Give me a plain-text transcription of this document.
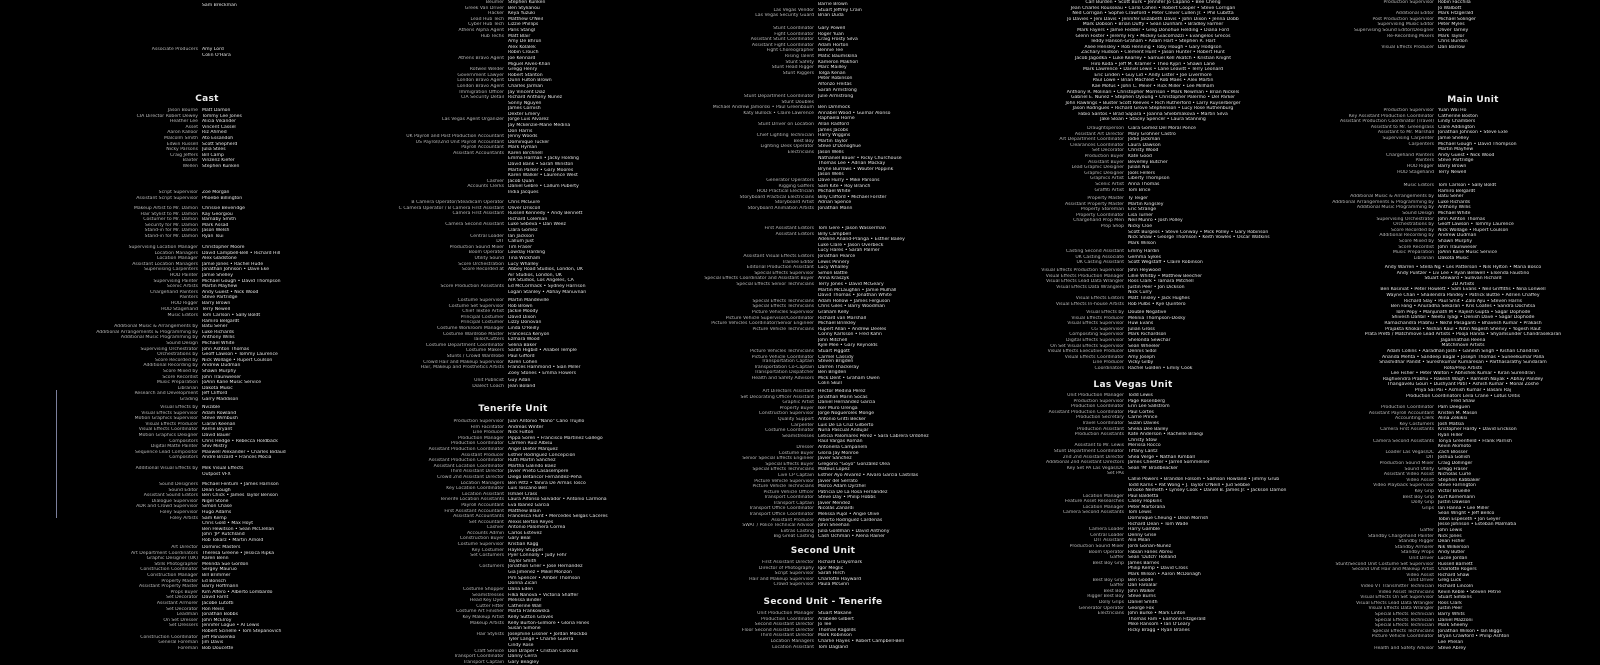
Sam Breckman
Associate Producers Amy Lord
Colin O'Hara
Cast
Jason Bourne Matt Damon
CIA Director Robert Dewey Tommy Lee Jones
Heather Lee Alicia Vikander
Asset Vincent Cassel
Aaron Kalloor Riz Ahmed
Malcolm Smith Ato Essandoh
Edwin Russell Scott Shepherd
Nicky Parsons Julia Stiles
Craig Jeffers Bill Camp
Baxter Vinzenz Kiefer
Wellen Stephen Kunken
Script Supervisor Zoe Morgan
Assistant Script Supervisor Phoebe Billington
Makeup Artist to Mr. Damon Chrissie Beveridge
Hair Stylist to Mr. Damon Kay Georgiou
Costumer to Mr. Damon Barnaby Smith
Security for Mr. Damon Mark Assad
Stand-in for Mr. Damon Jason Welsh
Stand-in for Mr. Damon Ryan Tsui
Supervising Location Manager Christopher Moore
Location Managers David Campbell-Bell • Richard Hill
Location Manager Alex Gladstone
Assistant Location Managers Jamie Jones • Rachel Hude
Supervising Carpenters Jonathan Johnson • Dave Eke
HOD Painter Jamie Shelley
Supervising Painter Michael Gough • David Thompson
Scenic Artists Martin Mayhew
Chargehand Painters Andy Guest • Nick Wood
Painters Steve Partridge
HOD Rigger Barry Brown
HOD Stagehand Terry Newell
Music Editors Tom Carlson • Sally Boldt
Ramiro Belgardt
Additional Music & Arrangements by Batu Sener
Additional Arrangements & Programming by Luke Richards
Additional Music Programming by Anthony Willis
Sound Design Michael White
Supervising Orchestrator John Ashton Thomas
Orchestrations by Geoff Lawson • Tommy Laurence
Score Recorded by Nick Wollage • Rupert Coulson
Additional Recording by Andrew Dudman
Score Mixed by Shawn Murphy
Score Recordist John Traunwieser
Music Preparation JoAnn Kane Music Service
Librarian Dakota Music
Research and Development Jeff Clifford
Grading Garry Maddison
Visual Effects by Nvizible
Visual Effects Supervisor Adam Rowland
Motion Graphics Supervisor Steve Wimbush
Visual Effects Producer Ciaran Keenan
Visual Effects Coordinator Kerrie Bryant
Motion Graphics Designer David Bauer
Compositors Chris Hedge • Rebecca Holdback
Digital Matte Painter Shiv Mistry
Sequence Lead Compositor Maxwell Alexander • Charles Bidaud
Compositors Andre Brizard • Frances Mocia
Additional Visual Effects by Milk Visual Effects
Outpost VFX
Sound Designers Michael Fentum • James Harrison
Sound Editor Dean Gough
Assistant Sound Editors Ben Chick • James Taylor Benson
Dialogue Supervisor Nigel Stone
ADR and Crowd Supervisor Simon Chase
Foley Supervisor Hugo Adams
Foley Artists Sam Kemp
Chris Gold • Max Hoyt
Ben Hewitson • Sean McClellan
John 'JP' Rutchland
Rob Tokarz • Martin Arnold
Art Director Dominic Masters
Art Department Coordinators Theresa Greene • Jessica Ripka
Graphic Designer (UK) Karen Benn
Stills Photographer Melinda Sue Gordon
Construction Coordinator Sergey Mauruo
Construction Manager Bill Brimmer
Property Master Ed Bonsch
Assistant Property Master Barry Hoffmann
Props Buyer Kim Alfero • Alberto Lombardo
Set Decorator David Farnt
Assistant Armorer Jacobe Lutotti
Set Decorator Ron Reiss
Leadman Jonathan Bobbs
On Set Dresser John McElroy
Set Dressers Jennifer Logue • Al Lewis
Robert Scinelle • Tom Stepanovich
Construction Coordinator Jeff Panasenko
General Foreman Jim Davis
Foreman Bob Doucette
Beumer Stephen Kunken
Greek Van Driver Ben Stylianou
Hacker Keya Yuzuki
Lead Hub Tech Matthew O'Neil
Cyber Hub Tech Lizzie Phillips
Athens Alpha Agent Paris Stangl
Hub Techs Matt Blair
Amy De Bhrún
Alex Kolalek
Robin Crouch
Athens Bravo Agent Joe Kennard
Miguel Alves-Khan
Rotweil Welder Gregg Henry
Government Lawyer Robert Stanton
London Bravo Agent Dunn Fulton Brown
London Bravo Agent Charles Jarman
Immigration Officer Jay Vincent Diaz
CIA Security Detail Richard Anthony Nunez
Sonny Nguyen
James Cornish
Dexter Emery
Las Vegas Agent Organizer Jorge Luis Alvarez
Jay Mckenzie-Marie Medina
Don Harris
UK Payroll and Post Production Accountant Jenny Woods
US Payroll/2nd Unit Payroll Accountant Dominique Tucker
Payroll Accountant Mark Hyman
Assistant Accountants Karen Birchnell
Emma Harman • Jacky Holding
David Bank • Sarah Winston
Martin Parker • Gary Moores
Karen Walker • Laurence West
Cashier Jacob Quan
Accounts Clerks Daniel Gebre • Callum Puberty
India Jacques
B Camera Operator/Steadicam Operator Chris McGuire
C Camera Operator / B Camera First Assistant Oliver Driscoll
Camera First Assistant Russell Kennedy • Andy Bennett
Richard Coleman
Camera Second Assistant Luke Sebeva • Dan Weez
Clara Gomez
Central Loader Ian Jackson
DIT Callum Just
Production Sound Mixer Tim Fraser
Boom Operator Lowday Harding
Utility Sound Tina Wickham
Score Orchestration Lucy Whalley
Score Recorded at Abbey Road Studios, London, UK
Air Studios, London, UK
AIR Studios, Los Angeles, CA
Score Production Assistants Ed McCormack • Sydney Harrison
Logan Stanley • Abhay Manuvnari
Costume Supervisor Martin Mandeville
Costume Set Supervisor Rob Brown
Chief Textile Artist Jackie Moody
Principal Costumer David Dixon
Principal Costumer Lizzy Donovan
Costume Workroom Manager Linda O'Reilly
Costume Wardrobe Master Francesca Kenyon
Tailor/Cutters Ezmara Wood
Costume Department Coordinator Selina Baker
Costume Makers Sarah Higbid • Anabel Temple
Stunts / Crowd Wardrobe Paul Gifford
Crowd Hair and Makeup Supervisor Karen Cohen
Hair, Makeup and Prosthetics Artists Frances Hammond • Sian Miller
Zoey Stones • Emma Flowers
Unit Publicist Guy Adan
Dialect Coach Jean Boland
Tenerife Unit
Production Supervisor Juan Antonio "Nano" Cano Trujillo
Film Facilitator Andreas Winter
Line Producer Nick Fulton
Production Manager Pippa Soren • Francisco Martínez Gallego
Production Coordinator Carmen Ruiz Albisu
Assistant Production Coordinator Ángel Dieter Márquez
Assistant Producer Esther Rodríguez Concepción
Assistant Production Coordinator Ruth Martín Sánchez
Assistant Location Coordinator Martha Galindo Baez
Third Assistant Director Javier Prieto Casasempere
Crowd 2nd Assistant Director Diego Betancor Fernández-Peña
Location Managers Ben Pittz • Yanira De Armas Tosco
Key Location Coordinator Luis Toscano Bell
Location Assistant Ismael Crass
Tenerife Location Assistants Laura Alfonso Salvador • Antonio Carmona
Payroll Accountant Eva Ibanez Garcia
First Assistant Accountant Matthew Blain
Assistant Accountants Francesca Hunt • Mercedes Selgas Caceres
Set Accountant Alexis Bertoli Reyes
Cashier Antonio Palomera Correa
Accounts Admin Carlos Estévez
Construction Buyer Gary Beal
Costume Supervisor Kristian Kagg
Key Costumer Hayley Stuppel
Set Costumers Pyer Connolly • Judy Fehr
Taylor Smith
Costumers Jonathon Grier • Jose Hernandez
Gia Jimenez • Mikel Monzon
Pim Spencer • Amber Thomson
Donna Zicari
Costume Shopper Dana Eden
Seamstresses Filka Nanova • Victoria Shaffer
Head Key Dyer Melissa Binder
Cutter Fitter Catherine Wall
Costume Art Finisher Marta Frankowska
Key Makeup Artist Kelly Sutton Graves
Makeup Artists Kelly Burton-Gilmore • Gloria Hines
Susan Simone
Hair Stylists Josephine Lissner • Jordan Mockbo
Tyler Lange • Charlie Guerra
Cindy Rose
Craft Service Don Draper • Cristian Coronas
Transport Coordinator Danny Cerra
Transport Captain Gary Beagley
Barrie Brown
Las Vegas Vendor Stuart Jeffrey Crain
Las Vegas Security Guard Brian Duda
Stunt Coordinator Gary Powell
Fight Coordinator Roger Yuan
Assistant Stunt Coordinator Craig Frosty Silva
Assistant Fight Coordinator Adam Horton
Fight Choreographer Bennie Tee
Rising Talent Matic Baumskína
Stunt Safety Kameron Makhorí
Stunt Head Rigger Marc Mailley
Stunt Riggers Tolga Kenan
Peter Robinson
Alfonzo Freitas
Sarah Armstrong
Stunt Department Coordinator Julie Armstrong
Stunt Doubles
Michael Andrew Jamorski • Paul Greenbaum Ben Dimmock
Katy Bullock • Claire Lawrence Annabel Wood • Guimar Alonso
Raphaela Horne
Stunt Driver on Location Allan Radford
James Jacobs
Chief Lighting Technician Harry Wiggins
Best Boy Martin Taylor
Lighting Desk Operator Steve D'Donoghue
Electricians Jason Wells
Nathaniel Bauer • Ricky Churchouse
Thomas Lee • Adrian Mackay
Bryne Burrows • Wouter Poppink
Jason Wells
Generator Operators Dave Hurry • Mike Parsons
Rigging Gaffers Sam Kite • Roy Branch
HOD Practical Electrician Michael White
Storyboard Practical Electricians Billy Clifford • Michael Forster
Storyboard Artist Adrian Spence
Storyboard Animation Artists Jonathan Mann
First Assistant Editors Tom Gere • Jason Wasserman
Assistant Editors Billy Campbell
Adeline Anand-Pranga • Esther Bailey
Luke Clare • Jason Overbeck
Lucy Hares • Sarah Palmer
Assistant Visual Effects Editors Jonathan Pearce
Trainee Editor Lewis Pinnery
Editorial Production Assistant Lucy Whalley
Special Effects Supervisor Simon Battle
Special Effects Coordinator and Assistant Buyer Anna Kraszyk
Special Effects Senior Technicians Terry Jones • David McGeary
Martin McLaughlin • Jamie Mulhall
David Thomas • Jonathan White
Special Effects Technicians Adam Hollow • James Ferguson
Special Effects Technicians Chris Giles • Barry Woodman
Picture Vehicles Supervisor Graham Kelly
Picture Vehicle Supervisor/Coordinator Richard van Marshall
Picture Vehicles Coordinator/Senior Engineer Michael Brinkley
Picture Vehicle Technicians Rupert Allan • Andrew Deeles
Conny Karlsson • Fred Kahn
John Mitchell
Kyle Mee • Gary Reynolds
Picture Vehicles Technicians Stuart Piggott
Picture Vehicle Coordinator Carmel Cassidy
Transportation Captain Steven Brigden
Transportation Co-Captain Darren Thackeray
Transportation Dispatcher Ben Brigden
Health and Safety Advisors Mick Dent • Graham Owen
Colin Skull
Art Directors Assistant Héctor Medina Pérez
Set Decorating Officer Assistant Jonathan Marin Socas
Graphic Artist Daniel Hernández García
Property Buyer Iker Muro Urenga
Construction Supervisor Jorge Nogueroles Monge
Quality Support Antonio Gritti Becker
Carpenter Luis De La Cruz Gilberto
Costume Coordinator Nuria Pascual Andujar
Seamstresses Leticia Palomares Pérez • Sara Cabrera Ordóñez
Raúl Vargas Román
Dresser Antonella Campanelli
Costume Buyer Gloria Jay Monroe
Senior Special Effects Engineer Javier Sánchez
Special Effects Buyer Gregorio "Goyo" González Olea
Special Effects Technicians Mateus Lopez
Live CP Captain Esther Ayo Alvarez • Alvaro García Castillas
Picture Vehicle Supervisor Javier del Serrato
Picture Vehicle Technicians Marco Adam Dyrzhel
Picture Vehicle Officer Patricia De La Rosa Fernández
Transport Coordinator Steve Day • Philip Hobbs
Transport Captain Javier Mendez
Transport Office Coordinator Nicolás Zanardi
Transport Office Coordinator Melissa Pujol • Angie Olive
Assistant Producer Alberto Rodríguez Cardenas
SWAT / Police Technical Advisor John Sheehan
Extras Casting Julia Goldman • David Anthony
Big Great Casting Cash Ochman • Alena Rainer
Second Unit
First Assistant Director Richard Graysmark
Director of Photography Igor Meglic
Script Supervisor Sarah Hirch
Hair and Makeup Supervisor Charlotte Hayward
Crowd Supervisor Paula McGinn
Second Unit - Tenerife
Unit Production Manager Stuart Makane
Production Coordinator Arabelle Gilbert
Second Assistant Director Jo Tee
Floor Second Assistant Director Thomas Ragolds
Third Assistant Director Mark Robinson
Location Managers Charlie Hayes • Robert Campbell-Bell
Location Assistant Tom Dagland
Carl Burden • Scott Burk • Jennifer Jo Capano • Bee Cheng
Jean Charles Rousseau • Carlo Cohen • Robert Cooper • Steve Corrigan
Ned Corrigan • Sophie Crawford • Peter Clever Cullen Jr. • Phil Cubitta
Jo Davies • Jeni Davis • Jennifer Elizabeth Davis • John Dixon • Jenna Dobb
Mark Dobson • Brian Duffy • Sean Dunham • Bradley Farmer
Mark Fayers • Jamie Fedder • Greg Donohue Fielding • Diana Ford
Glenn Foster • Jeremy Fry • Mickey Giacomazzi • Evangelos Grecos
Teddy Hanson-Graham • Adam Hart • Stephen R. Hart
Aliee Hensley • Rob Henning • Toby Hough • Gary Hodgson
Zachary Hudson • Clement Hunt • Jason Hunter • Robert Hunt
Jacob Jagodka • Luke Kearley • Samuel Kell Akatch • Kristian Knight
Hiro Koda • Jeff M. Kramer • Theo Kypri • Shawn Lane
Mark Lawrence • Daniel Lewis • Lane Leavitt • Terry Leonard
Eric Linden • Guy Lid • Andy Lister • Joe Livermore
Paul Lowe • Brian Machleit • Rob Maes • Alex Martin
Kae Mofus • John C. Meier • Rick Miller • Lee Millham
Anthony R. Molinari • Christopher Morrison • Mark Newman • Brian Nickels
Gabriel E. Nunez • Stephen Oyoung • Christopher Palermo • Del Parker
John Rawlings • Buster Scott Reeves • Rich Rutherford • Larry Ruyserberger
Jason Rodrigues • Richard Grove Stephenson • Lucy Rose Ruthenburg
Fabio Santos • Brad Sapara • Joanna Shiebmakova • Martin Silva
Jake Sloan • Stacey Spencer • Laura Stanning
Draughtsperson Ciara Gomez Del Moral Ponce
Assistant Art Director Mary Grohner Castro
Art Department Coordinator Jodie Jackman
Clearances Coordinator Laura Dawson
Set Decorator Christy Wood
Production Buyer Kate Good
Assistant Buyer Beverley Butcher
Lead Graphic Designer Julian Nix
Graphic Designer Jools Fellers
Graphics Artist Liberty Thompson
Scenic Artist Anna Thomas
Graffiti Artist Tom Brice
Property Master Ty Teiger
Assistant Property Master Martin Kingsley
Property Storeman Eric Strange
Property Coordinator Lisa Turner
Chargehand Prop Men Neil Munro • Josh Polley
Prop Shop Nicky Cloe
Scott Burgess • Steve Conway • Mick Polley • Gary Robinson
Nick Shaw • George Thomson • Keith Vowles • Oscar Watkins
Mark Wilson
Casting Second Assistant Emmy Hardin
UK Casting Associate Gemma Sykes
UK Casting Assistant Scott Wegstaff • Claire Robinson
Visual Effects Production Supervisor John Heywood
Visual Effects Production Manager Lillie Whitby • Matthew Beecher
Visual Effects Lead Data Wrangler Ross Clark • Tamara Mitchell
Visual Effects Data Wranglers Justin Peer • Jon Dickson
Nick Curry
Visual Effects Editors Matt Tinsley • Jack Hughes
Visual Effects In-house Artists Rob Pulbs • Kye Quintero
Visual Effects by Double Negative
Visual Effects Producer Melinia Thompson-Dosky
Visual Effects Supervisor Huw Evans
CG Supervisor Julian Gross
Compositing Supervisor Mark Richardson
Digital Effects Supervisor Shelonda Sewchar
On Set Visual Effects Supervisor Sean Wheeler
Visual Effects Executive Producer Dennis Sidol
Visual Effects Coordinator Amy Joseph
Line Producer Vicky Gilby
Coordinators Rachel Golden • Emily Cook
Las Vegas Unit
Unit Production Manager Todd Lewis
Production Supervisor Page Rosenberg
Production Coordinator Erin Lee Sallstrom
Assistant Production Coordinator Paul Cortes
Production Secretary Carrie Prince
Travel Coordinator Suzan Davies
Production Assistant Shelia Dee Bailey
Production Assistants Kate Anderson • Rachelle Braegi
Christy Stow
Assistant to Mr. Lewis Merissa Rocco
Stunt Department Coordinator Tiffany Lantz
2nd 2nd Assistant Director Shea Verge • Nathan Kimball
Additional 2nd Assistant Directors James Cheetter • Jarrell Sommellier
Key Set PA Las Vegas/DC Sean 'M' Bradbeacker
Set PAs
Callie Powers • Brandon Folsom • Samson Howland • Jimmy Grub
Todd Karns • Pat Wong • J. Taylor O'Neill • Jud Sebbie
Brooke Nemeth • Lynsey Cook • Daniel B. James Jr. • Jackson Damon
Location Manager Paul Baldetta
Feature Asset Researches Casey Hopkins
Location Manager Peter Martorana
Camera Second Assistants Tom Lewis
Dominique Cheung • Dean Morrish
Richard Dean • Tom Wade
Camera Loader Harry Gamble
Central Loader Denny Grise
DIT Assistant Alix Milan
Production Sound Mixer Jordi Gorian-Nunez
Boom Operator Fabian Fanes Abreu
Gaffer Sean 'Dutch' Holland
Best Boy Grip James Barnes
Philip Kemp • David Cross
Mark Wilson • Aaron McDonagh
Best Boy Grip Ben Goode
Gaffer Dan Faroalar
Best Boy John Walker
Rigger Best Boy Steve Burns
Dolly Grips Daniel Smith
Generator Operator George Fox
Electricians John Burke • Mark Linton
Thomas Fam • Eamonn Fitzgerald
Mike Ransom • Ian O'Leary
Ricky Bragg • Ryan Branes
Production Supervisor Robin Facchila
Jo Walbott
Additional Editor Mark Fitzgerald
Post Production Supervisor Michael Solinger
Supervising Music Editor Peter Myles
Supervising Sound Editor/Designer Oliver Tarney
Re-Recording Mixers Mark Taylor
Chris Burdon
Visual Effects Producer Dan Barrow
Main Unit
Production Supervisor Yuan Wai Ho
Key Assistant Production Coordinator Catherine Boston
Assistant Production Coordinator (Travel) Lindy Chambers
Assistant to Mr. Greengrass Clare Addington
Assistant to Mr. Marshall Jonathan Johnson • Steve Exle
Supervising Carpenter Jamie Shelley
Carpenters Michael Gough • David Thompson
Martin Mayhew
Chargehand Painters Andy Guest • Nick Wood
Painters Steve Partridge
HOD Rigger Barry Brown
HOD Stagehand Terry Newell
Music Editors Tom Carlson • Sally Boldt
Ramiro Belgardt
Additional Music & Arrangements by Batu Sener
Additional Arrangements & Programming by Luke Richards
Additional Music Programming by Anthony Willis
Sound Design Michael White
Supervising Orchestrator John Ashton Thomas
Orchestrations by Geoff Lawson • Tommy Laurence
Score Recorded by Nick Wollage • Rupert Coulson
Additional Recording by Andrew Dudman
Score Mixed by Shawn Murphy
Score Recordist John Traunwieser
Music Preparation JoAnn Kane Music Service
Librarian Dakota Music
Andy Warren • Stella Ng • Les Patterson • Nils Hylton • Maria Bosco
Andy Pulitzer • Liv Lee • Ryan Bellwell • Elsenda Faustino
Stuart Steward • Sullivan Richard
2D Artists
Ben Kosiniat • Peter Howlett • Sam Evans • Neil Griffiths • Nina Lonwell
Wayne Chan • Shailendra Pandey • Patrick Buttle • Adrien Chaffey
Richard Slay • Paul Smit • Zalo Ayu • Steven Harris
Ben Fang • Anuradha Sekaran • Kris Coates • Sandra Dochitsa
Tom Pepy • Manjunath M • Rajesh Gupta • Sagar Dophode
Shivesh Dahbil • Neetu Tyagi • Denish Dave • Sagar Dophode
Ramachandra Prabhu • Nikhil Pasaganti • Bhavesh Kumar • Prakash
Prajakta Khokal • Nishan Kaul • Nitin Nagesh Shenvy • Yogesh Raut
Prata Pretti / Matchmove Lead Artists • Pooja Handa • Shyamsunder Chandrasekaran
Jagannathan Reena
Matchmove Artists
Adam Collins • Aaradhan Joshi • Ganesh Singh • Kishan Chandran
Ananda Mehta • Sandeep Bagal • Joseph Thomas • Suneelkumar Palla
Shashidhar Pandit • Sureshkumar Kumaresan • Parthasarathy Sundaram
Roto/Prep Artists
Lee Fisher • Peter Walton • Abhishek Kumar • Kiran Surendran
Raghvendra Prabhu • Rakesh Wagh • Ramesh Nayak • Abhay Pandey
Thangavelu Gouri • Dushyant Patil • Ashish Kumar • Monal Zoshe
Priya Sai Pai • Asmish Kumar • Basani Raj
Production Coordinators Leila Crane • Lotus Ontis
Fred Shaw
Production Coordinator Pam Deeguen
Assistant Payroll Accountant Kristen M. Mason
Accounting Clerk Alina Zekiksi
Key Costumers Josh Matsia
Camera First Assistants Kristopher Hardy • David Erickson
Ryan Hiller
Camera Second Assistants Tonya Greenfield • Frank Parrish
Kevin Akimoto
Loader Las Vegas/DC Zach Blosser
DIT Joshua Gollish
Production Sound Mixer Craig Dollinger
Sound Utility Gregg Fraser
Assistant Video Assist Nicholas Curle
Video Assist Stephen Kabbaker
Video Playback Supervisor Steve Farrington
Key Grip Victor Brueille
Best Boy Grip Kurt Kornemann
Dolly Grip Justin Dawson
Grips Ian Hanna • Lee Miller
Sean Wright • Jeff Bellco
Tobin Espeseth • Jon Geyer
Jesse Johnson • Esteban Malmatia
Gaffer John Lewis
Standby Chargehand Painter Nick Jones
Standby Rigger Dean Fisher
Standby Armorer Nik Wilkerson
Standby Props Andy Butler
Unit Driver Lucile Jordan
Stunt/Second Unit Costume Set Supervisor Russell Barnett
Second Unit Hair and Makeup Artist Charlotte Rogers
Video Assist Richard Shaw
Unit Driver Greg Luck
Video VT Transmitter Technician Richard Lincoln
Video Assist Technicians Kevin Keble • Steven Petrie
Visual Effects On Set Supervisor Stuart Simbins
Visual Effects Lead Data Wrangler Ross Clark
Visual Effects Data Wrangler Justin Peer
Special Effects Technician Barry Whits
Special Effects Technician Daniel Mazzoni
Special Effects Technician Mark Sheehy
Special Effects Technicians Jonathan Wilson • Ian Biggs
Picture Vehicle Coordinator Bryan Crawford • Philip Ashton
Lee Phelan
Health and Safety Advisor Steve Abrey
